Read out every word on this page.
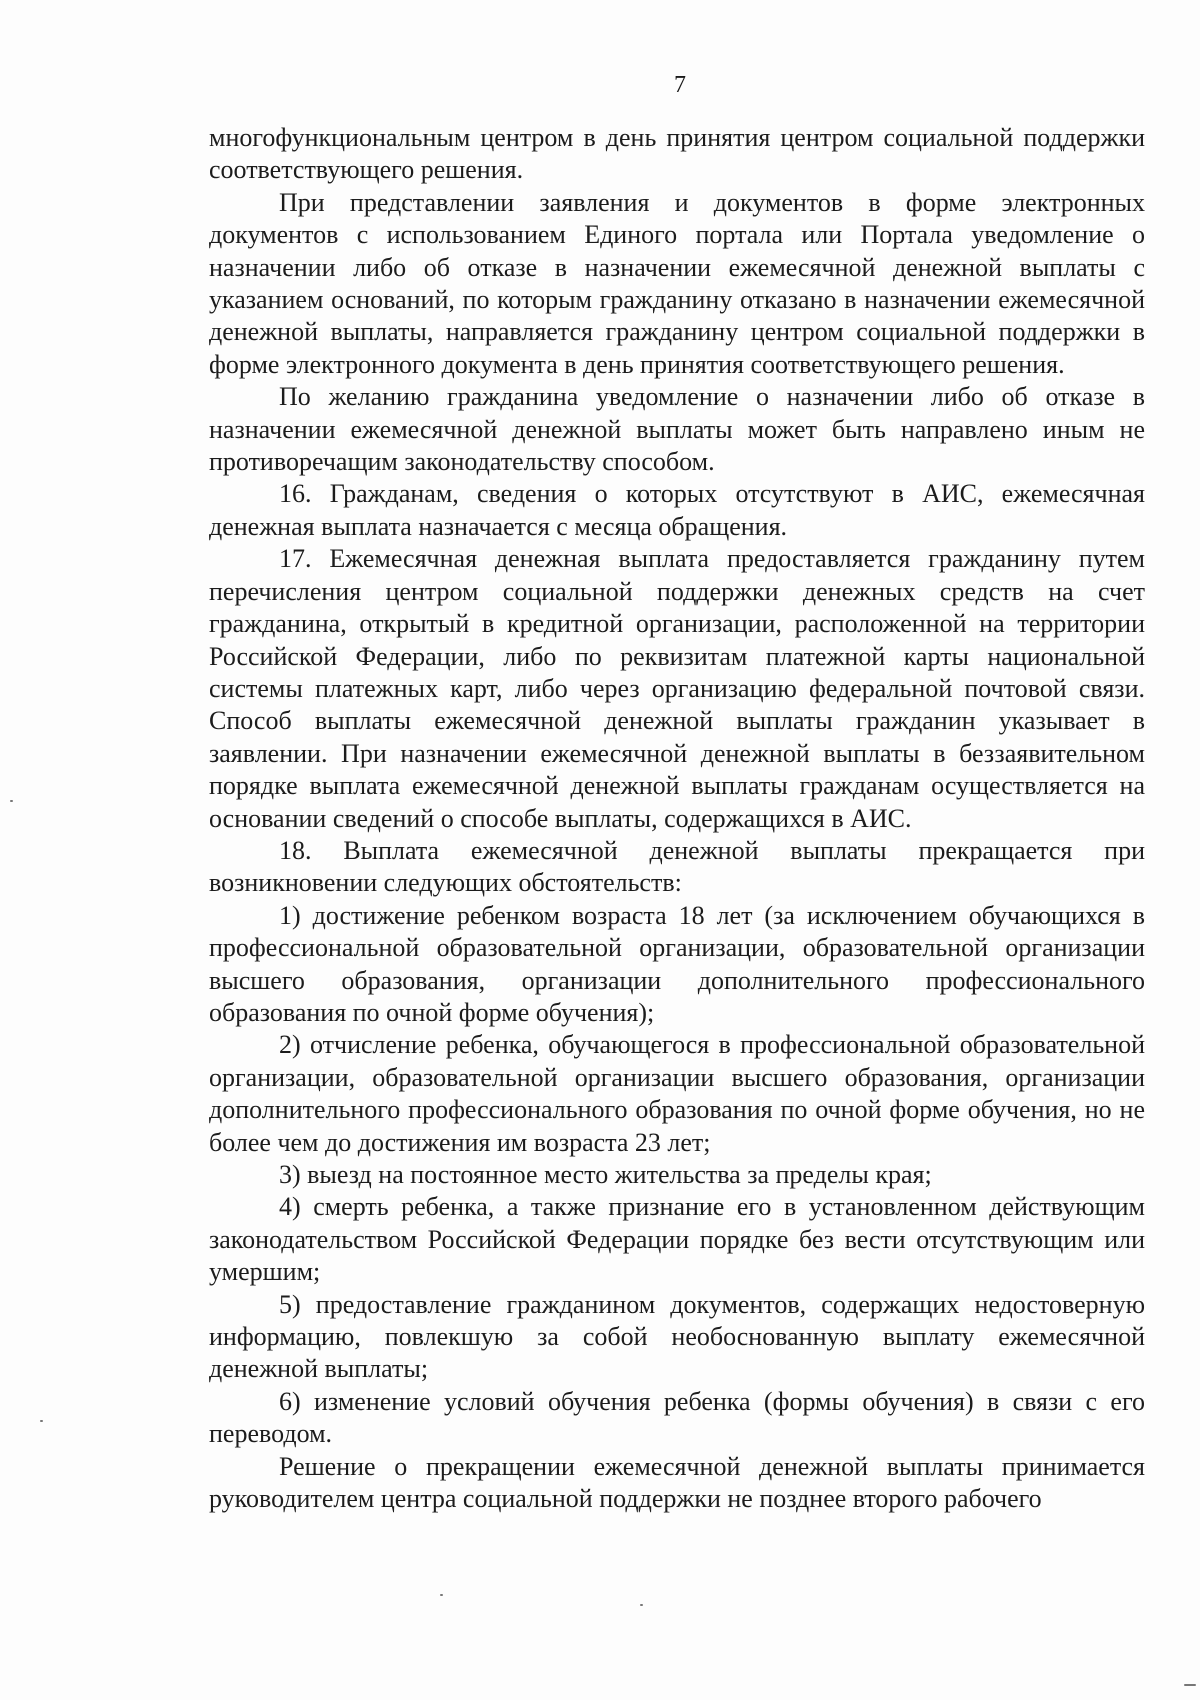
7

многофункциональным центром в день принятия центром социальной поддержки соответствующего решения.

При представлении заявления и документов в форме электронных документов с использованием Единого портала или Портала уведомление о назначении либо об отказе в назначении ежемесячной денежной выплаты с указанием оснований, по которым гражданину отказано в назначении ежемесячной денежной выплаты, направляется гражданину центром социальной поддержки в форме электронного документа в день принятия соответствующего решения.

По желанию гражданина уведомление о назначении либо об отказе в назначении ежемесячной денежной выплаты может быть направлено иным не противоречащим законодательству способом.

16. Гражданам, сведения о которых отсутствуют в АИС, ежемесячная денежная выплата назначается с месяца обращения.

17. Ежемесячная денежная выплата предоставляется гражданину путем перечисления центром социальной поддержки денежных средств на счет гражданина, открытый в кредитной организации, расположенной на территории Российской Федерации, либо по реквизитам платежной карты национальной системы платежных карт, либо через организацию федеральной почтовой связи. Способ выплаты ежемесячной денежной выплаты гражданин указывает в заявлении. При назначении ежемесячной денежной выплаты в беззаявительном порядке выплата ежемесячной денежной выплаты гражданам осуществляется на основании сведений о способе выплаты, содержащихся в АИС.

18. Выплата ежемесячной денежной выплаты прекращается при возникновении следующих обстоятельств:

1) достижение ребенком возраста 18 лет (за исключением обучающихся в профессиональной образовательной организации, образовательной организации высшего образования, организации дополнительного профессионального образования по очной форме обучения);

2) отчисление ребенка, обучающегося в профессиональной образовательной организации, образовательной организации высшего образования, организации дополнительного профессионального образования по очной форме обучения, но не более чем до достижения им возраста 23 лет;

3) выезд на постоянное место жительства за пределы края;

4) смерть ребенка, а также признание его в установленном действующим законодательством Российской Федерации порядке без вести отсутствующим или умершим;

5) предоставление гражданином документов, содержащих недостоверную информацию, повлекшую за собой необоснованную выплату ежемесячной денежной выплаты;

6) изменение условий обучения ребенка (формы обучения) в связи с его переводом.

Решение о прекращении ежемесячной денежной выплаты принимается руководителем центра социальной поддержки не позднее второго рабочего
